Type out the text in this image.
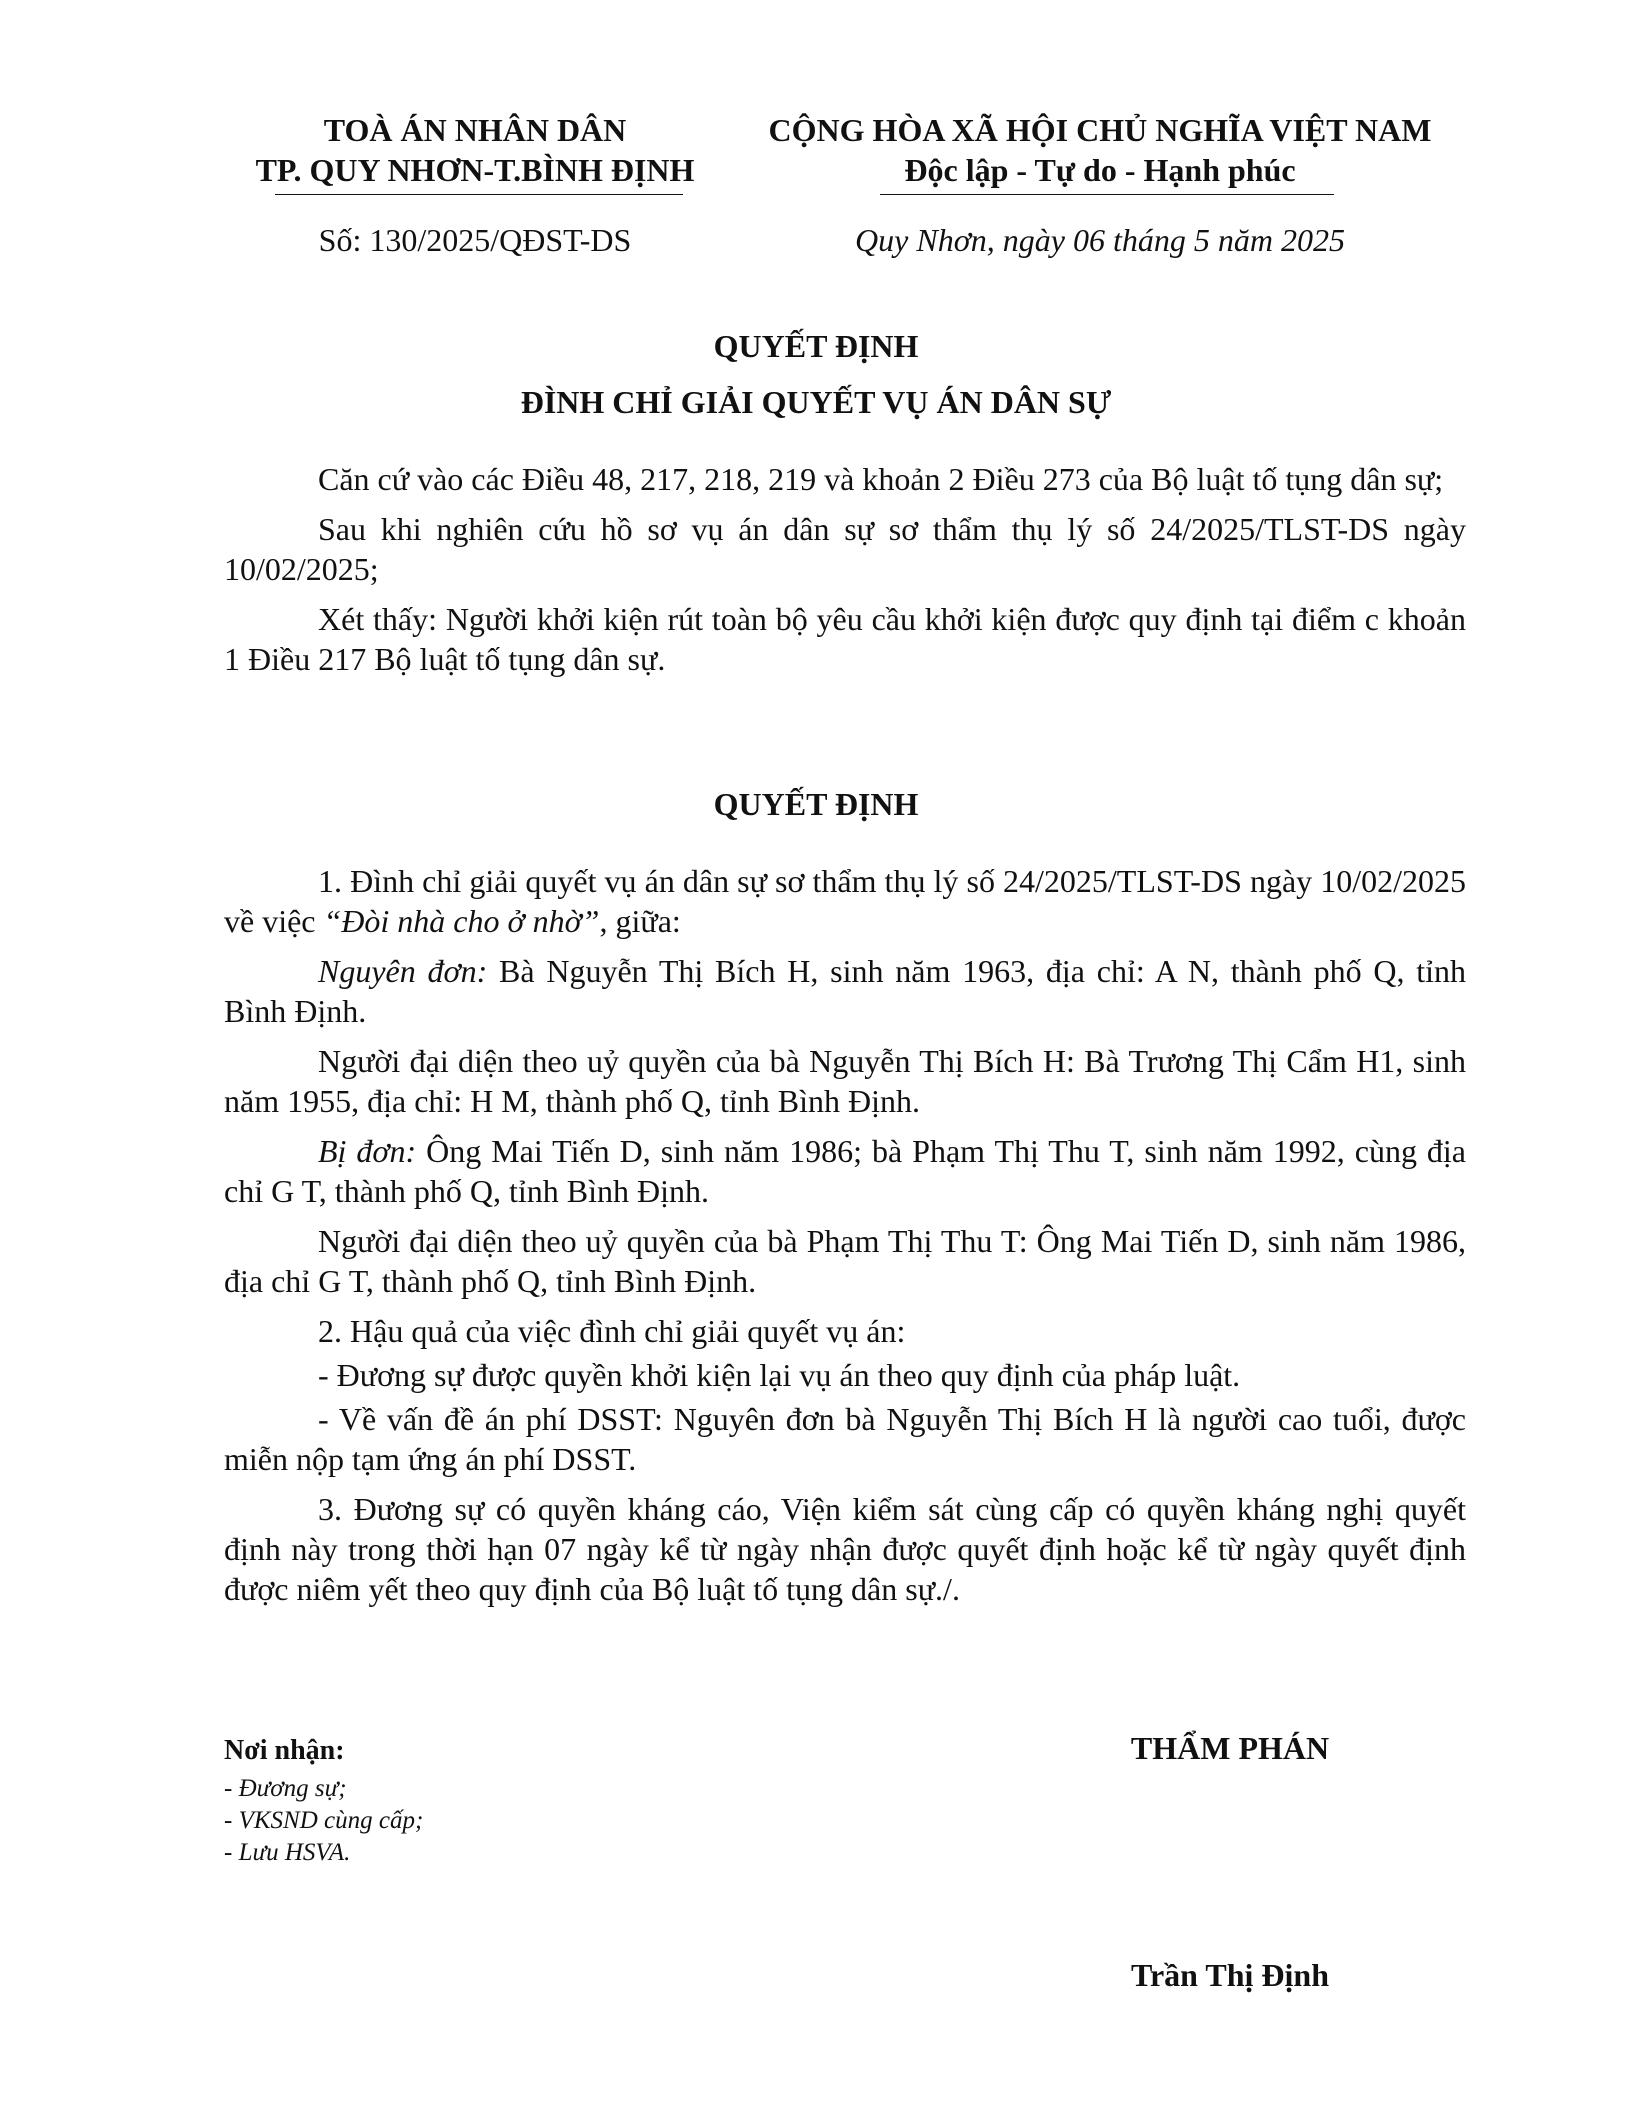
TOÀ ÁN NHÂN DÂN
TP. QUY NHƠN-T.BÌNH ĐỊNH
CỘNG HÒA XÃ HỘI CHỦ NGHĨA VIỆT NAM
Độc lập - Tự do - Hạnh phúc
Số: 130/2025/QĐST-DS	Quy Nhơn, ngày 06 tháng 5 năm 2025
QUYẾT ĐỊNH
ĐÌNH CHỈ GIẢI QUYẾT VỤ ÁN DÂN SỰ

Căn cứ vào các Điều 48, 217, 218, 219 và khoản 2 Điều 273 của Bộ luật tố tụng dân sự;

Sau khi nghiên cứu hồ sơ vụ án dân sự sơ thẩm thụ lý số 24/2025/TLST-DS ngày 10/02/2025;

Xét thấy: Người khởi kiện rút toàn bộ yêu cầu khởi kiện được quy định tại điểm c khoản 1 Điều 217 Bộ luật tố tụng dân sự.

QUYẾT ĐỊNH

1. Đình chỉ giải quyết vụ án dân sự sơ thẩm thụ lý số 24/2025/TLST-DS ngày 10/02/2025 về việc “Đòi nhà cho ở nhờ”, giữa:

Nguyên đơn: Bà Nguyễn Thị Bích H, sinh năm 1963, địa chỉ: A N, thành phố Q, tỉnh Bình Định.

Người đại diện theo uỷ quyền của bà Nguyễn Thị Bích H: Bà Trương Thị Cẩm H1, sinh năm 1955, địa chỉ: H M, thành phố Q, tỉnh Bình Định.

Bị đơn: Ông Mai Tiến D, sinh năm 1986; bà Phạm Thị Thu T, sinh năm 1992, cùng địa chỉ G T, thành phố Q, tỉnh Bình Định.

Người đại diện theo uỷ quyền của bà Phạm Thị Thu T: Ông Mai Tiến D, sinh năm 1986, địa chỉ G T, thành phố Q, tỉnh Bình Định.

2. Hậu quả của việc đình chỉ giải quyết vụ án:

- Đương sự được quyền khởi kiện lại vụ án theo quy định của pháp luật.

- Về vấn đề án phí DSST: Nguyên đơn bà Nguyễn Thị Bích H là người cao tuổi, được miễn nộp tạm ứng án phí DSST.

3. Đương sự có quyền kháng cáo, Viện kiểm sát cùng cấp có quyền kháng nghị quyết định này trong thời hạn 07 ngày kể từ ngày nhận được quyết định hoặc kể từ ngày quyết định được niêm yết theo quy định của Bộ luật tố tụng dân sự./.

Nơi nhận:

- Đương sự;

- VKSND cùng cấp;

- Lưu HSVA.

THẨM PHÁN
Trần Thị Định
